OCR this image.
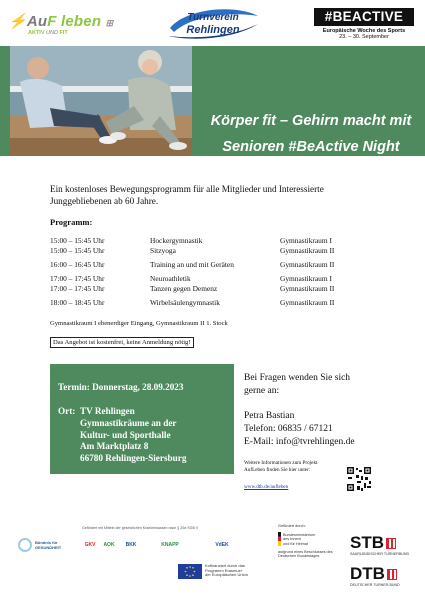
⚡AuF leben ⊞
AKTIV UND FIT
Turnverein
Rehlingen
#BEACTIVE
Europäische Woche des Sports
23. – 30. September
Körper fit – Gehirn macht mit
Senioren #BeActive Night
Ein kostenloses Bewegungsprogramm für alle Mitglieder und Interessierte Junggebliebenen ab 60 Jahre.
Programm:
15:00 – 15:45 Uhr	Hockergymnastik	Gymnastikraum I
15:00 – 15:45 Uhr	Sitzyoga	Gymnastikraum II
16:00 – 16:45 Uhr	Training an und mit Geräten	Gymnastikraum II
17:00 – 17:45 Uhr	Neuroathletik	Gymnastikraum I
17:00 – 17:45 Uhr	Tanzen gegen Demenz	Gymnastikraum II
18:00 – 18:45 Uhr	Wirbelsäulengymnastik	Gymnastikraum II
Gymnastikraum I ebenerdiger Eingang, Gymnastikraum II 1. Stock
Das Angebot ist kostenfrei, keine Anmeldung nötig!
Termin: Donnerstag, 28.09.2023
Ort: TV Rehlingen
Gymnastikräume an der
Kultur- und Sporthalle
Am Marktplatz 8
66780 Rehlingen-Siersburg
Bei Fragen wenden Sie sich
gerne an:
Petra Bastian
Telefon: 06835 / 67121
E-Mail: info@tvrehlingen.de
Weitere Informationen zum Projekt
AufLeben finden Sie hier unter:
www.dtb.de/aufleben
Bündnis für
GESUNDHEIT
Gefördert mit Mitteln der gesetzlichen Krankenkassen nach § 20a SGB V
GKV	AOK	BKK	KNAPP	VdEK
Kofinanziert durch das
Programm Erasmus+
der Europäischen Union
Gefördert durch:
Bundesministerium
des Innern
und für Heimat
aufgrund eines Beschlusses des Deutschen Bundestages
STB
SAARLÄNDISCHER TURNERBUND
DTB
DEUTSCHER TURNER-BUND
